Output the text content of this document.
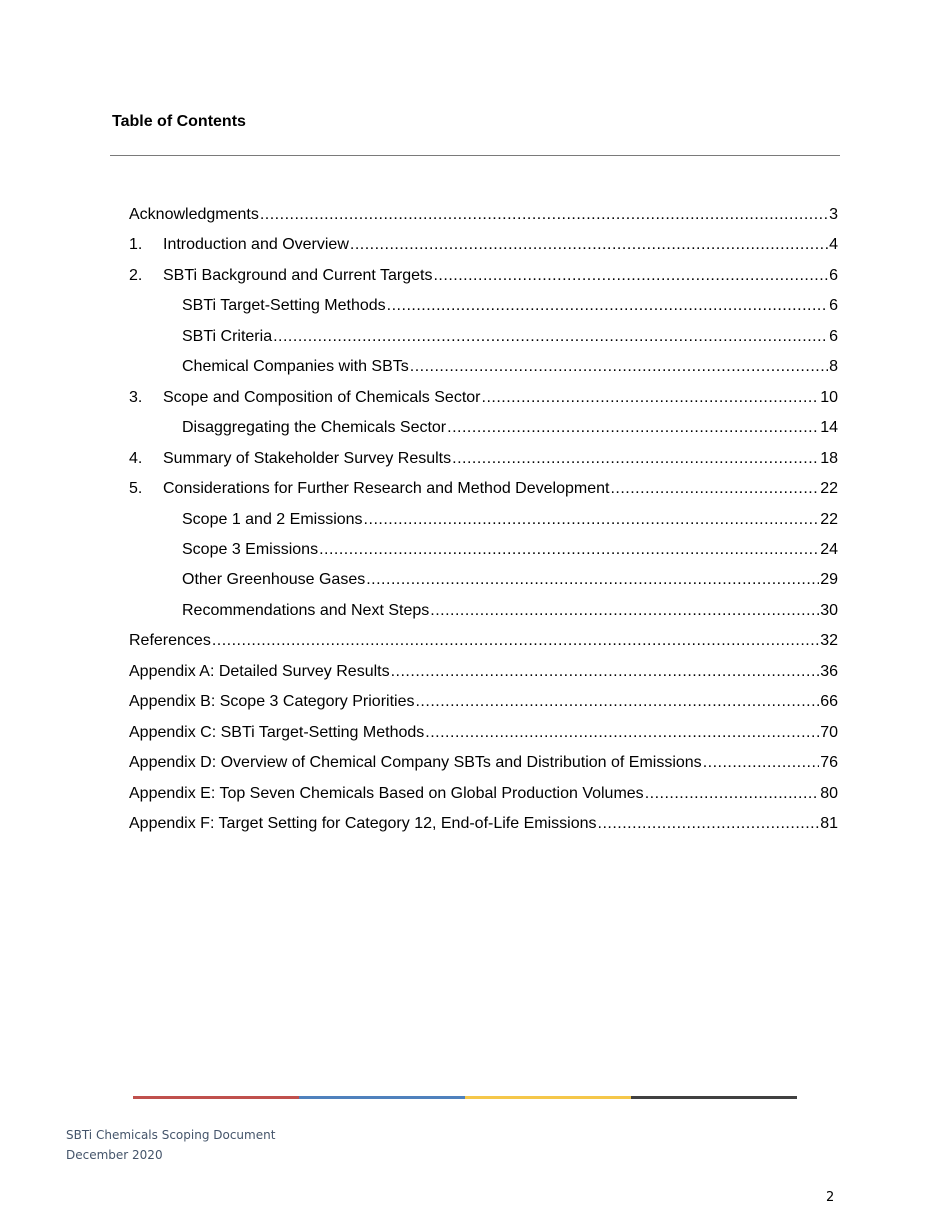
Table of Contents
Acknowledgments .....	3
1.	Introduction and Overview .....	4
2.	SBTi Background and Current Targets .....	6
SBTi Target-Setting Methods .....	6
SBTi Criteria .....	6
Chemical Companies with SBTs .....	8
3.	Scope and Composition of Chemicals Sector .....	10
Disaggregating the Chemicals Sector .....	14
4.	Summary of Stakeholder Survey Results .....	18
5.	Considerations for Further Research and Method Development .....	22
Scope 1 and 2 Emissions .....	22
Scope 3 Emissions .....	24
Other Greenhouse Gases .....	29
Recommendations and Next Steps .....	30
References .....	32
Appendix A: Detailed Survey Results .....	36
Appendix B: Scope 3 Category Priorities .....	66
Appendix C: SBTi Target-Setting Methods .....	70
Appendix D: Overview of Chemical Company SBTs and Distribution of Emissions .....	76
Appendix E: Top Seven Chemicals Based on Global Production Volumes .....	80
Appendix F: Target Setting for Category 12, End-of-Life Emissions .....	81
SBTi Chemicals Scoping Document
December 2020
2
